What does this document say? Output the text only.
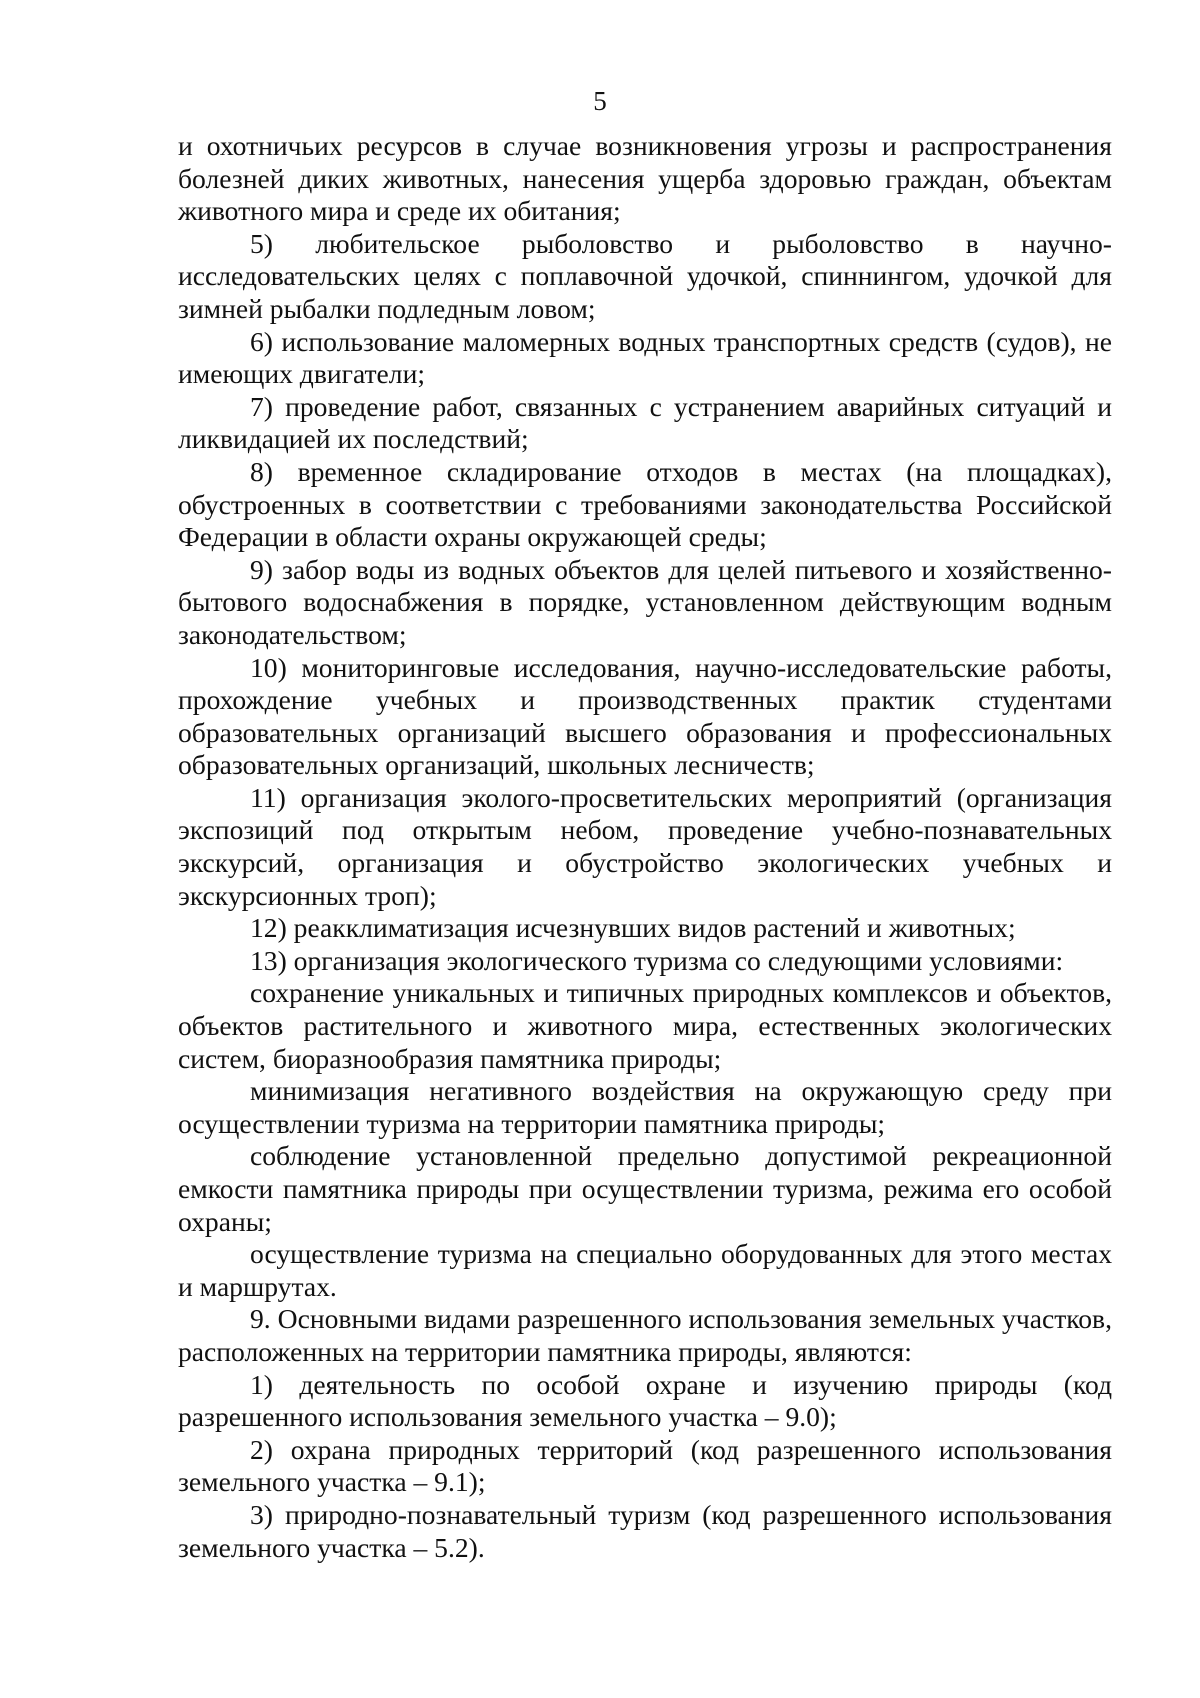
5

и охотничьих ресурсов в случае возникновения угрозы и распространения болезней диких животных, нанесения ущерба здоровью граждан, объектам животного мира и среде их обитания;

5) любительское рыболовство и рыболовство в научно-исследовательских целях с поплавочной удочкой, спиннингом, удочкой для зимней рыбалки подледным ловом;

6) использование маломерных водных транспортных средств (судов), не имеющих двигатели;

7) проведение работ, связанных с устранением аварийных ситуаций и ликвидацией их последствий;

8) временное складирование отходов в местах (на площадках), обустроенных в соответствии с требованиями законодательства Российской Федерации в области охраны окружающей среды;

9) забор воды из водных объектов для целей питьевого и хозяйственно-бытового водоснабжения в порядке, установленном действующим водным законодательством;

10) мониторинговые исследования, научно-исследовательские работы, прохождение учебных и производственных практик студентами образовательных организаций высшего образования и профессиональных образовательных организаций, школьных лесничеств;

11) организация эколого-просветительских мероприятий (организация экспозиций под открытым небом, проведение учебно-познавательных экскурсий, организация и обустройство экологических учебных и экскурсионных троп);

12) реакклиматизация исчезнувших видов растений и животных;

13) организация экологического туризма со следующими условиями:

сохранение уникальных и типичных природных комплексов и объектов, объектов растительного и животного мира, естественных экологических систем, биоразнообразия памятника природы;

минимизация негативного воздействия на окружающую среду при осуществлении туризма на территории памятника природы;

соблюдение установленной предельно допустимой рекреационной емкости памятника природы при осуществлении туризма, режима его особой охраны;

осуществление туризма на специально оборудованных для этого местах и маршрутах.

9. Основными видами разрешенного использования земельных участков, расположенных на территории памятника природы, являются:

1) деятельность по особой охране и изучению природы (код разрешенного использования земельного участка – 9.0);

2) охрана природных территорий (код разрешенного использования земельного участка – 9.1);

3) природно-познавательный туризм (код разрешенного использования земельного участка – 5.2).
